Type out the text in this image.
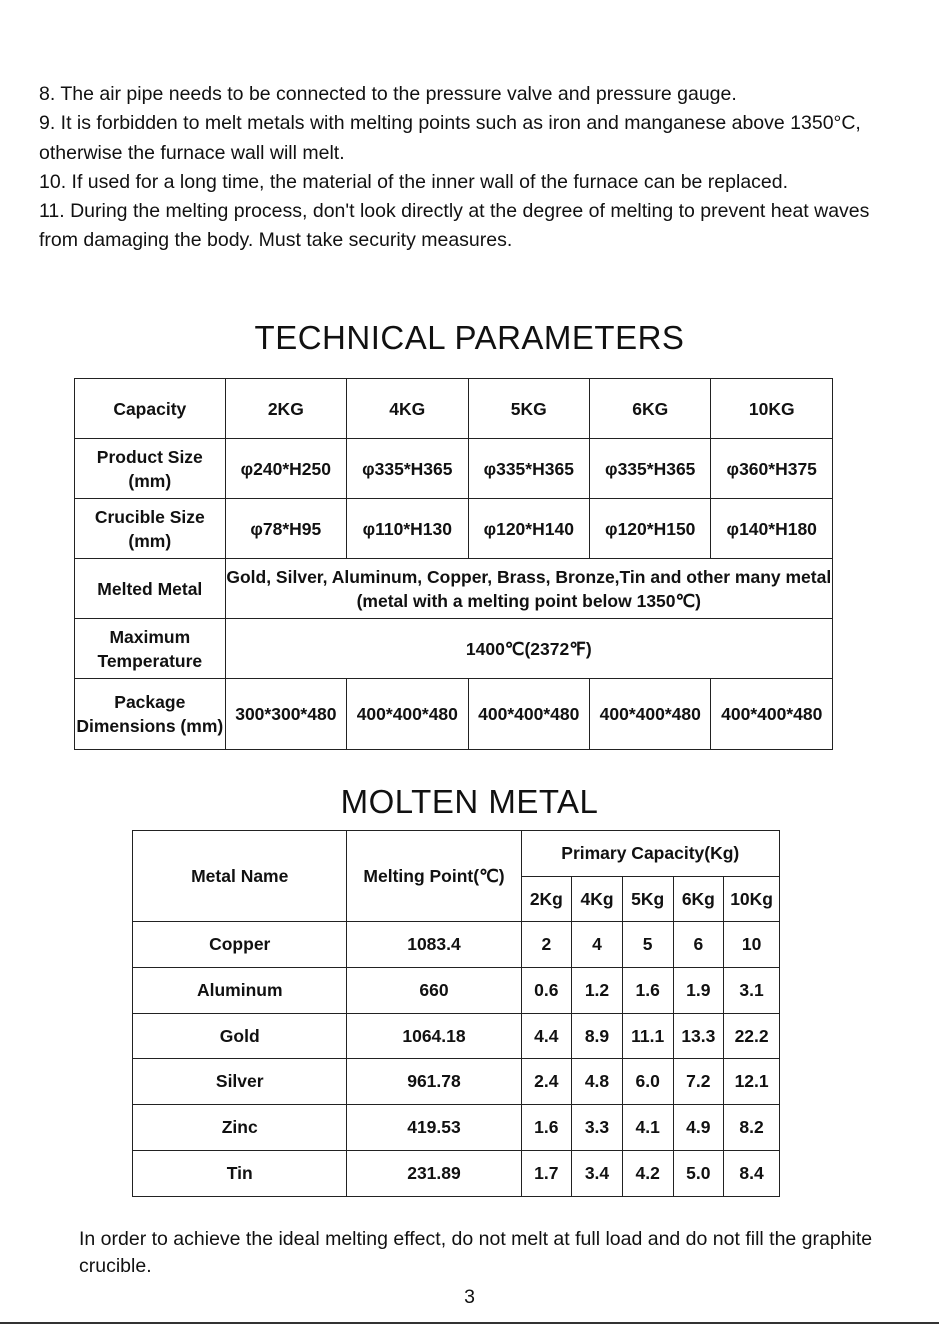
8. The air pipe needs to be connected to the pressure valve and pressure gauge.

9. It is forbidden to melt metals with melting points such as iron and manganese above 1350°C, otherwise the furnace wall will melt.

10. If used for a long time, the material of the inner wall of the furnace can be replaced.

11. During the melting process, don't look directly at the degree of melting to prevent heat waves from damaging the body. Must take security measures.

TECHNICAL PARAMETERS
Capacity	2KG	4KG	5KG	6KG	10KG
Product Size (mm)	φ240*H250	φ335*H365	φ335*H365	φ335*H365	φ360*H375
Crucible Size (mm)	φ78*H95	φ110*H130	φ120*H140	φ120*H150	φ140*H180
Melted Metal	Gold, Silver, Aluminum, Copper, Brass, Bronze,Tin and other many metal (metal with a melting point below 1350℃)				
Maximum Temperature	1400℃(2372℉)				
Package Dimensions (mm)	300*300*480	400*400*480	400*400*480	400*400*480	400*400*480
MOLTEN METAL
Metal Name	Melting Point(℃)	Primary Capacity(Kg)				
		2Kg	4Kg	5Kg	6Kg	10Kg
Copper	1083.4	2	4	5	6	10
Aluminum	660	0.6	1.2	1.6	1.9	3.1
Gold	1064.18	4.4	8.9	11.1	13.3	22.2
Silver	961.78	2.4	4.8	6.0	7.2	12.1
Zinc	419.53	1.6	3.3	4.1	4.9	8.2
Tin	231.89	1.7	3.4	4.2	5.0	8.4

In order to achieve the ideal melting effect, do not melt at full load and do not fill the graphite crucible.

3
